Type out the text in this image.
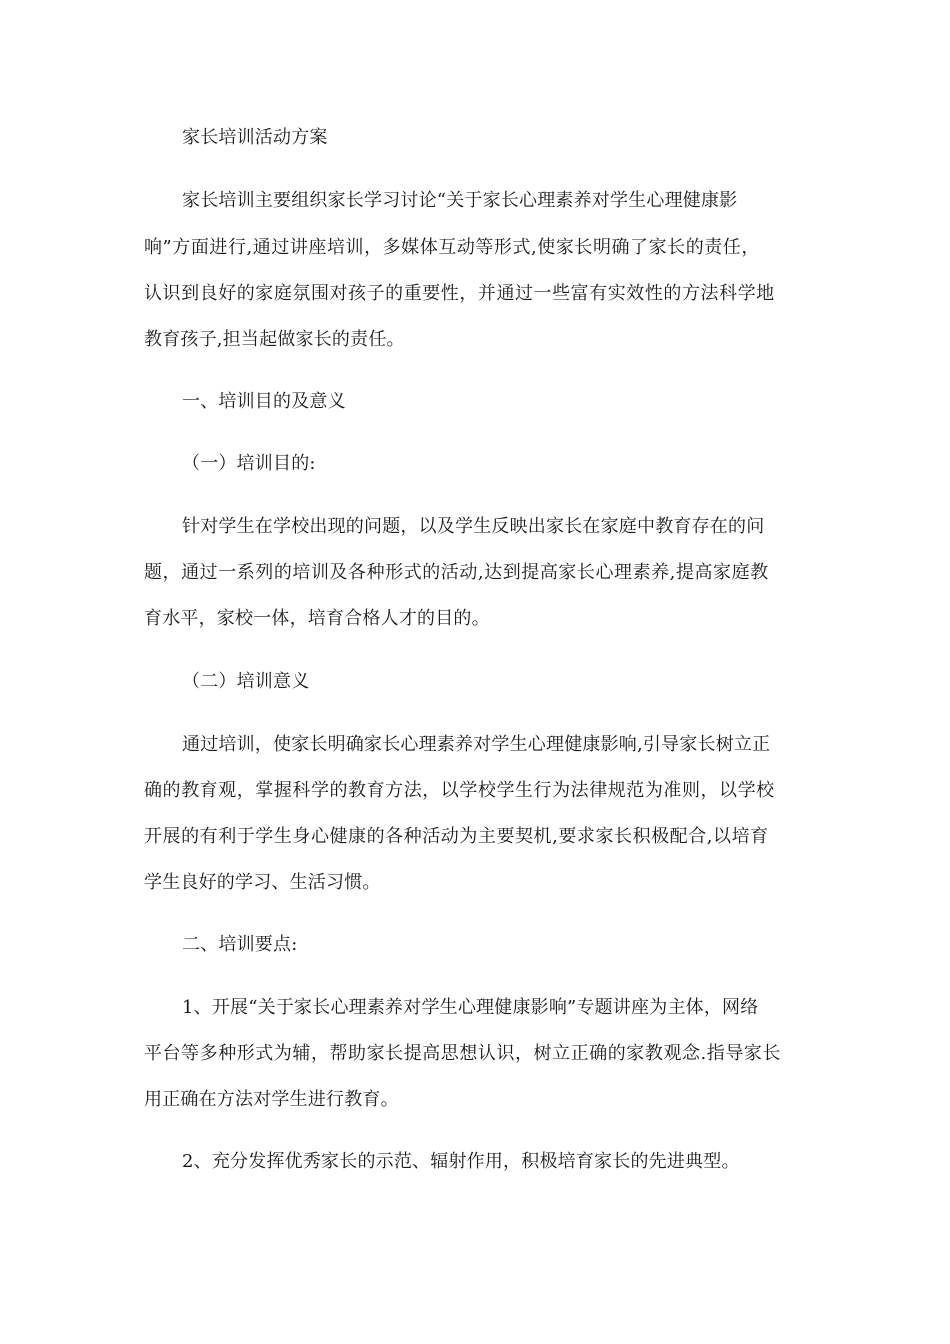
家长培训活动方案
家长培训主要组织家长学习讨论“关于家长心理素养对学生心理健康影
响”方面进行,通过讲座培训，多媒体互动等形式,使家长明确了家长的责任，
认识到良好的家庭氛围对孩子的重要性，并通过一些富有实效性的方法科学地
教育孩子,担当起做家长的责任。
一、培训目的及意义
（一）培训目的:
针对学生在学校出现的问题，以及学生反映出家长在家庭中教育存在的问
题，通过一系列的培训及各种形式的活动,达到提高家长心理素养,提高家庭教
育水平，家校一体，培育合格人才的目的。
（二）培训意义
通过培训，使家长明确家长心理素养对学生心理健康影响,引导家长树立正
确的教育观，掌握科学的教育方法，以学校学生行为法律规范为准则，以学校
开展的有利于学生身心健康的各种活动为主要契机,要求家长积极配合,以培育
学生良好的学习、生活习惯。
二、培训要点:
1、开展“关于家长心理素养对学生心理健康影响”专题讲座为主体，网络
平台等多种形式为辅，帮助家长提高思想认识，树立正确的家教观念.指导家长
用正确在方法对学生进行教育。
2、充分发挥优秀家长的示范、辐射作用，积极培育家长的先进典型。
